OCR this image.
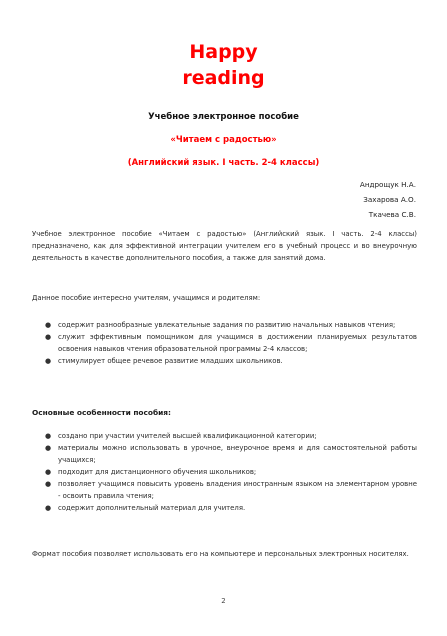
Happy
reading
Учебное электронное пособие
«Читаем с радостью»
(Английский язык. I часть. 2-4 классы)
Андрощук Н.А.
Захарова А.О.
Ткачева С.В.
Учебное электронное пособие «Читаем с радостью» (Английский язык. I часть. 2-4 классы) предназначено, как для эффективной интеграции учителем его в учебный процесс и во внеурочную деятельность в качестве дополнительного пособия, а также для занятий дома.
Данное пособие интересно учителям, учащимся и родителям:
● содержит разнообразные увлекательные задания по развитию начальных навыков чтения;
● служит эффективным помощником для учащимся в достижении планируемых результатов освоения навыков чтения образовательной программы 2-4 классов;
● стимулирует общее речевое развитие младших школьников.
Основные особенности пособия:
● создано при участии учителей высшей квалификационной категории;
● материалы можно использовать в урочное, внеурочное время и для самостоятельной работы учащихся;
● подходит для дистанционного обучения школьников;
● позволяет учащимся повысить уровень владения иностранным языком на элементарном уровне - освоить правила чтения;
● содержит дополнительный материал для учителя.
Формат пособия позволяет использовать его на компьютере и персональных электронных носителях.
2
